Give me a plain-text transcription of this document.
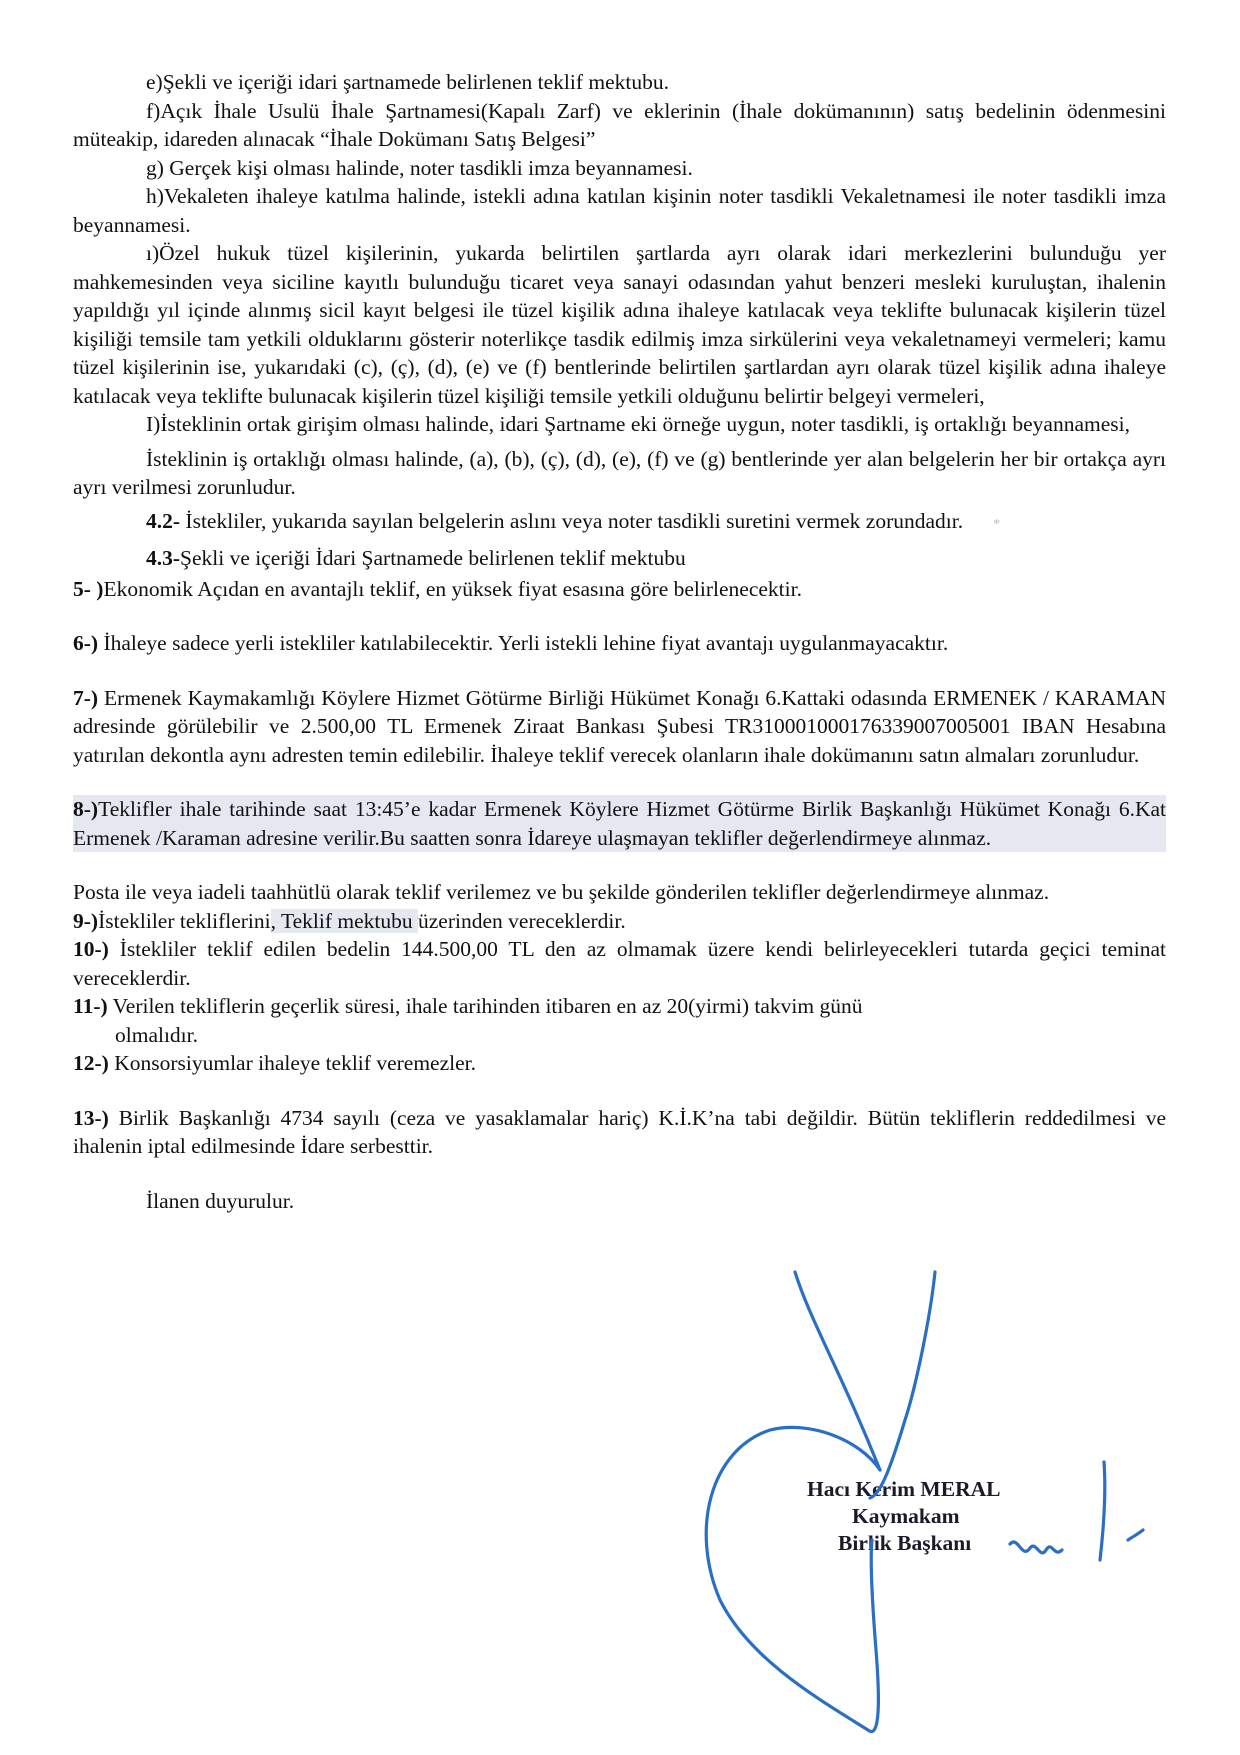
e)Şekli ve içeriği idari şartnamede belirlenen teklif mektubu.

f)Açık İhale Usulü İhale Şartnamesi(Kapalı Zarf) ve eklerinin (İhale dokümanının) satış bedelinin ödenmesini müteakip, idareden alınacak “İhale Dokümanı Satış Belgesi”

g) Gerçek kişi olması halinde, noter tasdikli imza beyannamesi.

h)Vekaleten ihaleye katılma halinde, istekli adına katılan kişinin noter tasdikli Vekaletnamesi ile noter tasdikli imza beyannamesi.

ı)Özel hukuk tüzel kişilerinin, yukarda belirtilen şartlarda ayrı olarak idari merkezlerini bulunduğu yer mahkemesinden veya siciline kayıtlı bulunduğu ticaret veya sanayi odasından yahut benzeri mesleki kuruluştan, ihalenin yapıldığı yıl içinde alınmış sicil kayıt belgesi ile tüzel kişilik adına ihaleye katılacak veya teklifte bulunacak kişilerin tüzel kişiliği temsile tam yetkili olduklarını gösterir noterlikçe tasdik edilmiş imza sirkülerini veya vekaletnameyi vermeleri; kamu tüzel kişilerinin ise, yukarıdaki (c), (ç), (d), (e) ve (f) bentlerinde belirtilen şartlardan ayrı olarak tüzel kişilik adına ihaleye katılacak veya teklifte bulunacak kişilerin tüzel kişiliği temsile yetkili olduğunu belirtir belgeyi vermeleri,

I)İsteklinin ortak girişim olması halinde, idari Şartname eki örneğe uygun, noter tasdikli, iş ortaklığı beyannamesi,

İsteklinin iş ortaklığı olması halinde, (a), (b), (ç), (d), (e), (f) ve (g) bentlerinde yer alan belgelerin her bir ortakça ayrı ayrı verilmesi zorunludur.

4.2- İstekliler, yukarıda sayılan belgelerin aslını veya noter tasdikli suretini vermek zorundadır. *

4.3-Şekli ve içeriği İdari Şartnamede belirlenen teklif mektubu

5- )Ekonomik Açıdan en avantajlı teklif, en yüksek fiyat esasına göre belirlenecektir.

6-) İhaleye sadece yerli istekliler katılabilecektir. Yerli istekli lehine fiyat avantajı uygulanmayacaktır.

7-) Ermenek Kaymakamlığı Köylere Hizmet Götürme Birliği Hükümet Konağı 6.Kattaki odasında ERMENEK / KARAMAN adresinde görülebilir ve 2.500,00 TL Ermenek Ziraat Bankası Şubesi TR310001000176339007005001 IBAN Hesabına yatırılan dekontla aynı adresten temin edilebilir. İhaleye teklif verecek olanların ihale dokümanını satın almaları zorunludur.

8-)Teklifler ihale tarihinde saat 13:45’e kadar Ermenek Köylere Hizmet Götürme Birlik Başkanlığı Hükümet Konağı 6.Kat Ermenek /Karaman adresine verilir.Bu saatten sonra İdareye ulaşmayan teklifler değerlendirmeye alınmaz.

Posta ile veya iadeli taahhütlü olarak teklif verilemez ve bu şekilde gönderilen teklifler değerlendirmeye alınmaz.

9-)İstekliler tekliflerini, Teklif mektubu üzerinden vereceklerdir.

10-) İstekliler teklif edilen bedelin 144.500,00 TL den az olmamak üzere kendi belirleyecekleri tutarda geçici teminat vereceklerdir.

11-) Verilen tekliflerin geçerlik süresi, ihale tarihinden itibaren en az 20(yirmi) takvim günü

olmalıdır.

12-) Konsorsiyumlar ihaleye teklif veremezler.

13-) Birlik Başkanlığı 4734 sayılı (ceza ve yasaklamalar hariç) K.İ.K’na tabi değildir. Bütün tekliflerin reddedilmesi ve ihalenin iptal edilmesinde İdare serbesttir.

İlanen duyurulur.

Hacı Kerim MERAL
Kaymakam
Birlik Başkanı
